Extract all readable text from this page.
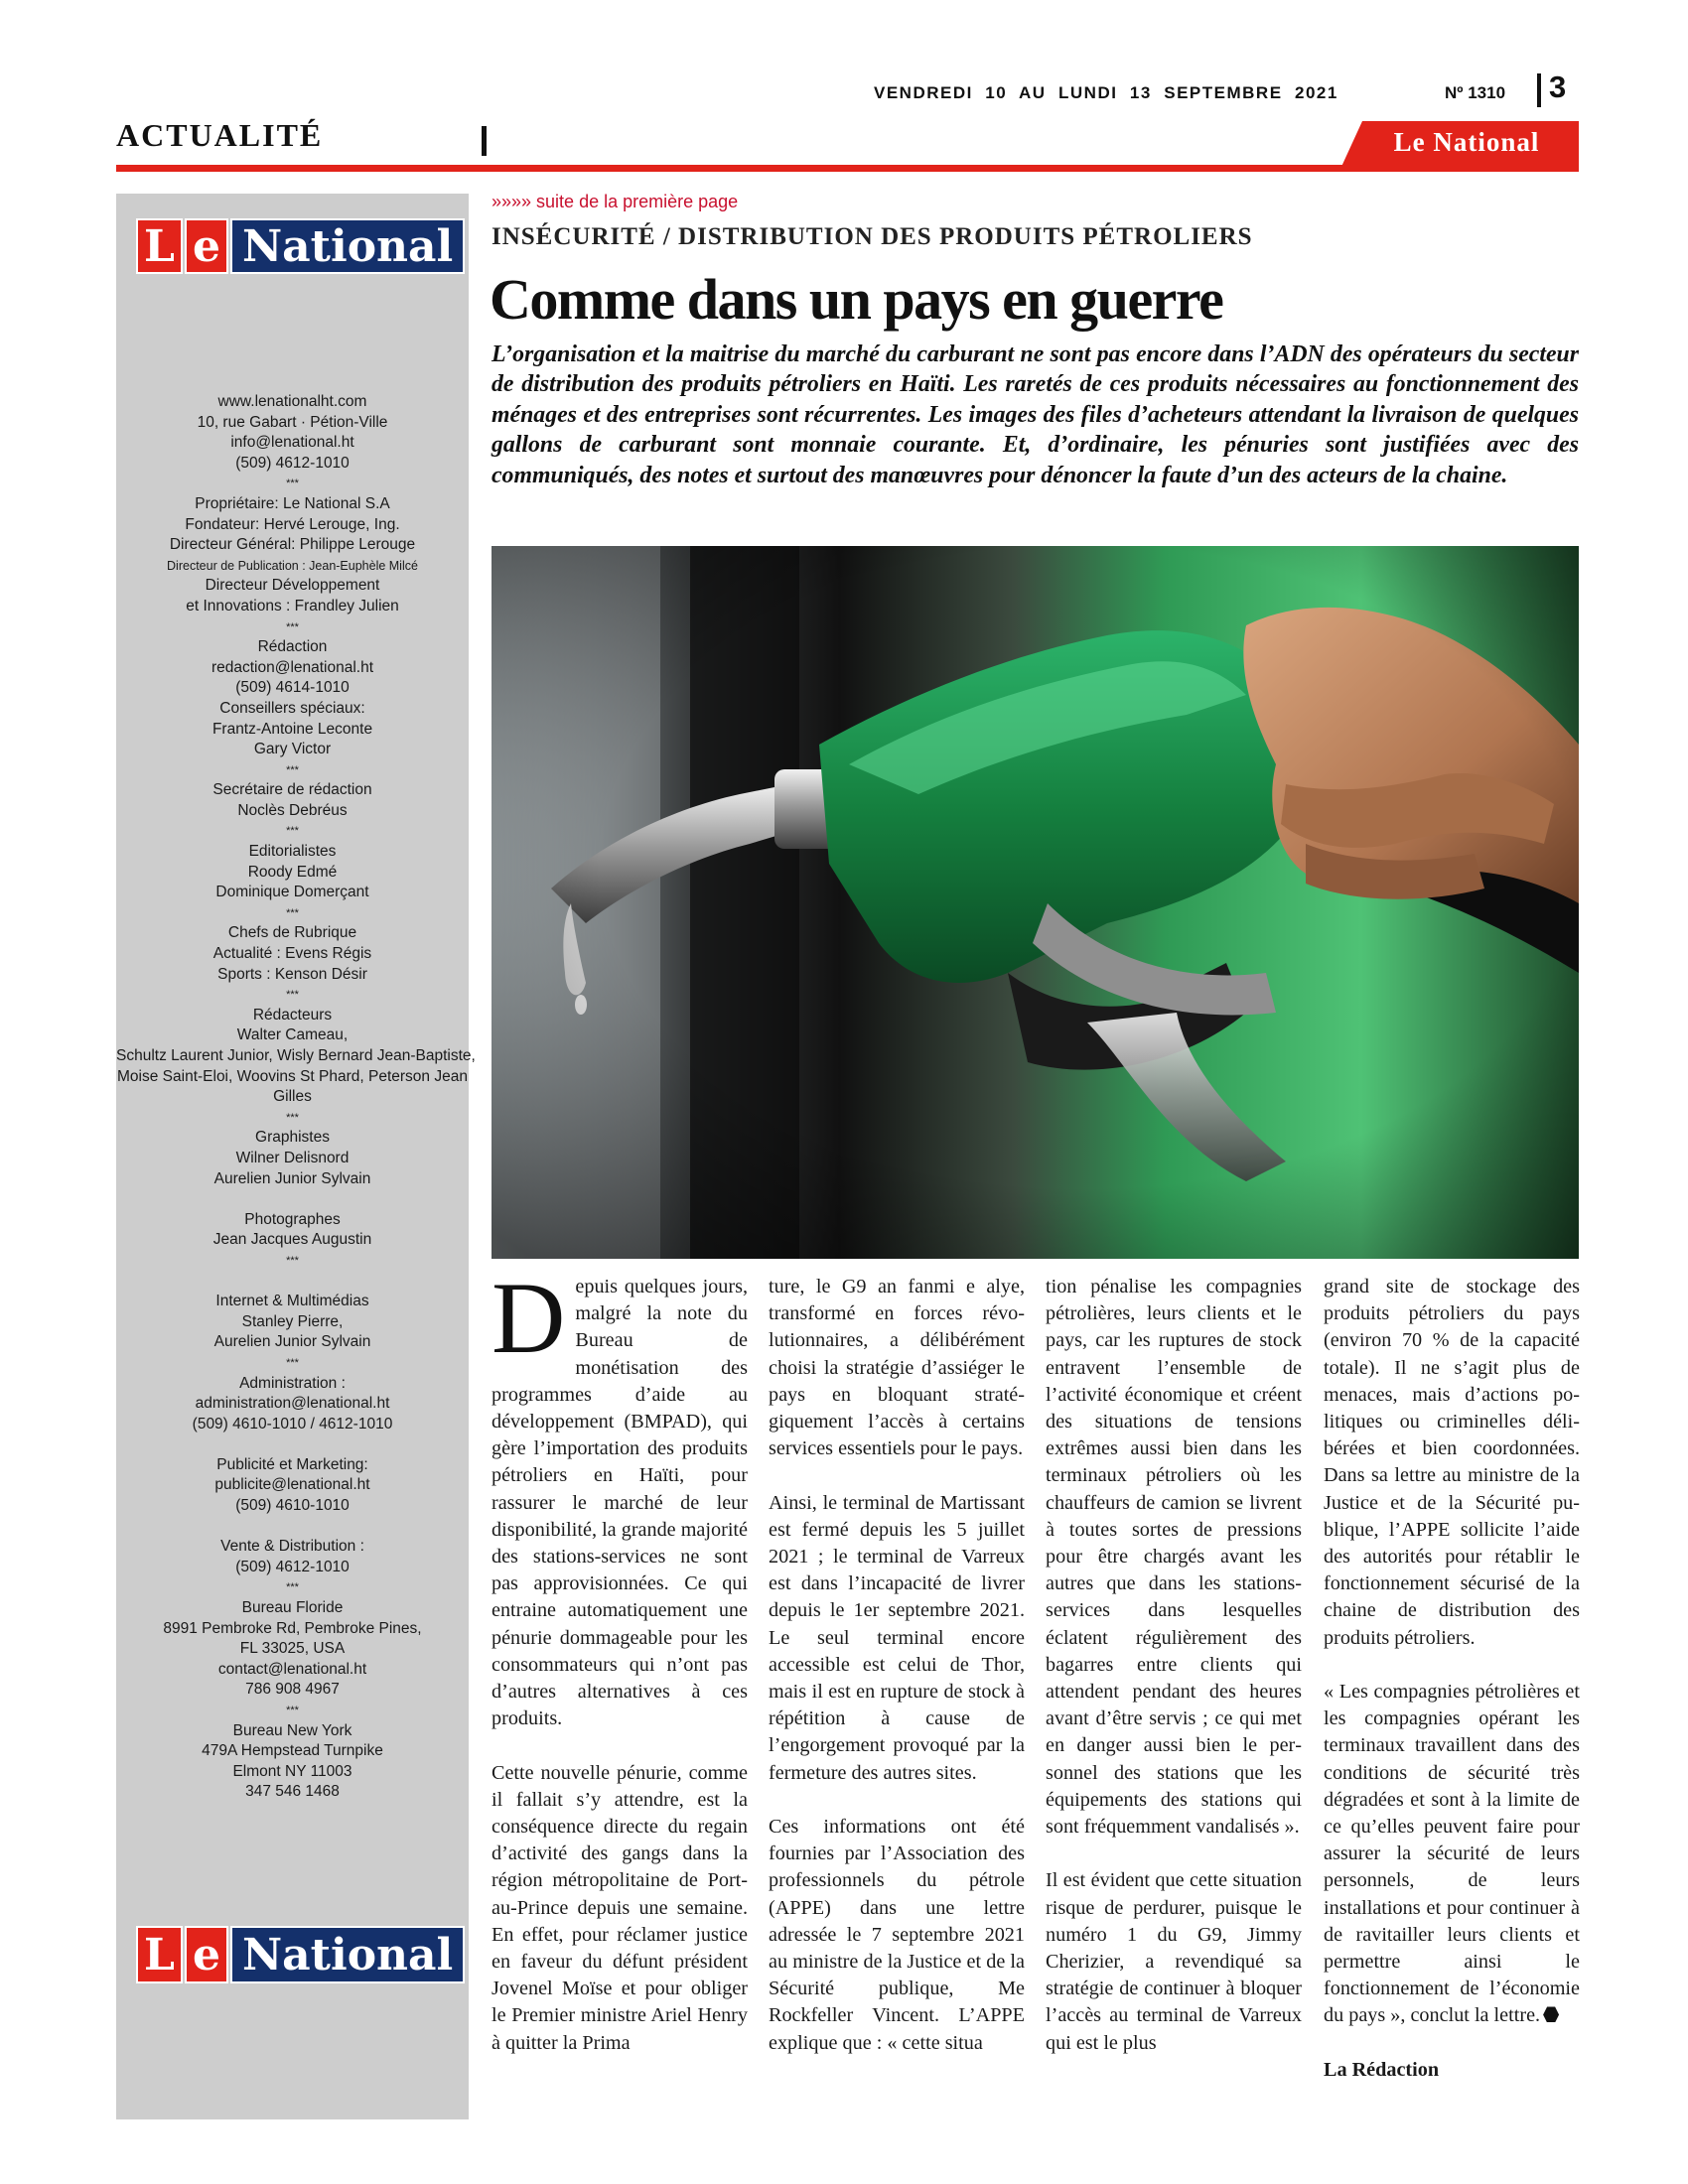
VENDREDI  10  AU  LUNDI  13  SEPTEMBRE  2021	Nº 1310 3
ACTUALITÉ	Le National
L e National
www.lenationalht.com
10, rue Gabart · Pétion-Ville
info@lenational.ht
(509) 4612-1010
***
Propriétaire: Le National S.A
Fondateur: Hervé Lerouge, Ing.
Directeur Général: Philippe Lerouge
Directeur de Publication : Jean-Euphèle Milcé
Directeur Développement
et Innovations : Frandley Julien
***
Rédaction
redaction@lenational.ht
(509) 4614-1010
Conseillers spéciaux:
Frantz-Antoine Leconte
Gary Victor
***
Secrétaire de rédaction
Noclès Debréus
***
Editorialistes
Roody Edmé
Dominique Domerçant
***
Chefs de Rubrique
Actualité : Evens Régis
Sports : Kenson Désir
***
Rédacteurs
Walter Cameau,
Schultz Laurent Junior, Wisly Bernard Jean-Baptiste,
Moise Saint-Eloi, Woovins St Phard, Peterson Jean
Gilles
***
Graphistes
Wilner Delisnord
Aurelien Junior Sylvain
Photographes
Jean Jacques Augustin
***
Internet & Multimédias
Stanley Pierre,
Aurelien Junior Sylvain
***
Administration :
administration@lenational.ht
(509) 4610-1010 / 4612-1010
Publicité et Marketing:
publicite@lenational.ht
(509) 4610-1010
Vente & Distribution :
(509) 4612-1010
***
Bureau Floride
8991 Pembroke Rd, Pembroke Pines,
FL 33025, USA
contact@lenational.ht
786 908 4967
***
Bureau New York
479A Hempstead Turnpike
Elmont NY 11003
347 546 1468
L e National
»»»» suite de la première page
INSÉCURITÉ / DISTRIBUTION DES PRODUITS PÉTROLIERS
Comme dans un pays en guerre
L’organisation et la maitrise du marché du carburant ne sont pas encore dans l’ADN des opérateurs du secteur de distribution des produits pétroliers en Haïti. Les raretés de ces produits nécessaires au fonctionnement des ménages et des entreprises sont récurrentes. Les images des files d’acheteurs attendant la livraison de quelques gallons de carburant sont monnaie courante. Et, d’ordinaire, les pénuries sont justifiées avec des communiqués, des notes et surtout des manœuvres pour dénoncer la faute d’un des acteurs de la chaine.

Depuis quelques jours, malgré la note du Bureau de monétisation des programmes d’aide au développement (BMPAD), qui gère l’importation des produits pétroliers en Haïti, pour rassurer le marché de leur disponibilité, la grande majorité des stations-services ne sont pas approvisionnées. Ce qui entraine automatiquement une pénurie dommageable pour les consommateurs qui n’ont pas d’autres alternatives à ces produits.

Cette nouvelle pénurie, comme il fallait s’y attendre, est la conséquence directe du regain d’activité des gangs dans la région métropolitaine de Port-au-Prince depuis une semaine. En effet, pour réclamer justice en faveur du défunt président Jovenel Moïse et pour obliger le Premier ministre Ariel Henry à quitter la Prima

ture, le G9 an fanmi e alye, transformé en forces révolutionnaires, a délibérément choisi la stratégie d’assiéger le pays en bloquant stratégiquement l’accès à certains services essentiels pour le pays.

Ainsi, le terminal de Martissant est fermé depuis les 5 juillet 2021 ; le terminal de Varreux est dans l’incapacité de livrer depuis le 1er septembre 2021. Le seul terminal encore accessible est celui de Thor, mais il est en rupture de stock à répétition à cause de l’engorgement provoqué par la fermeture des autres sites.

Ces informations ont été fournies par l’Association des professionnels du pétrole (APPE) dans une lettre adressée le 7 septembre 2021 au ministre de la Justice et de la Sécurité publique, Me Rockfeller Vincent. L’APPE explique que : « cette situa

tion pénalise les compagnies pétrolières, leurs clients et le pays, car les ruptures de stock entravent l’ensemble de l’activité économique et créent des situations de tensions extrêmes aussi bien dans les terminaux pétroliers où les chauffeurs de camion se livrent à toutes sortes de pressions pour être chargés avant les autres que dans les stations-services dans lesquelles éclatent régulièrement des bagarres entre clients qui attendent pendant des heures avant d’être servis ; ce qui met en danger aussi bien le personnel des stations que les équipements des stations qui sont fréquemment vandalisés ».

Il est évident que cette situation risque de perdurer, puisque le numéro 1 du G9, Jimmy Cherizier, a revendiqué sa stratégie de continuer à bloquer l’accès au terminal de Varreux qui est le plus

grand site de stockage des produits pétroliers du pays (environ 70 % de la capacité totale). Il ne s’agit plus de menaces, mais d’actions politiques ou criminelles délibérées et bien coordonnées. Dans sa lettre au ministre de la Justice et de la Sécurité publique, l’APPE sollicite l’aide des autorités pour rétablir le fonctionnement sécurisé de la chaine de distribution des produits pétroliers.

« Les compagnies pétrolières et les compagnies opérant les terminaux travaillent dans des conditions de sécurité très dégradées et sont à la limite de ce qu’elles peuvent faire pour assurer la sécurité de leurs personnels, de leurs installations et pour continuer à de ravitailler leurs clients et permettre ainsi le fonctionnement de l’économie du pays », conclut la lettre.

La Rédaction
